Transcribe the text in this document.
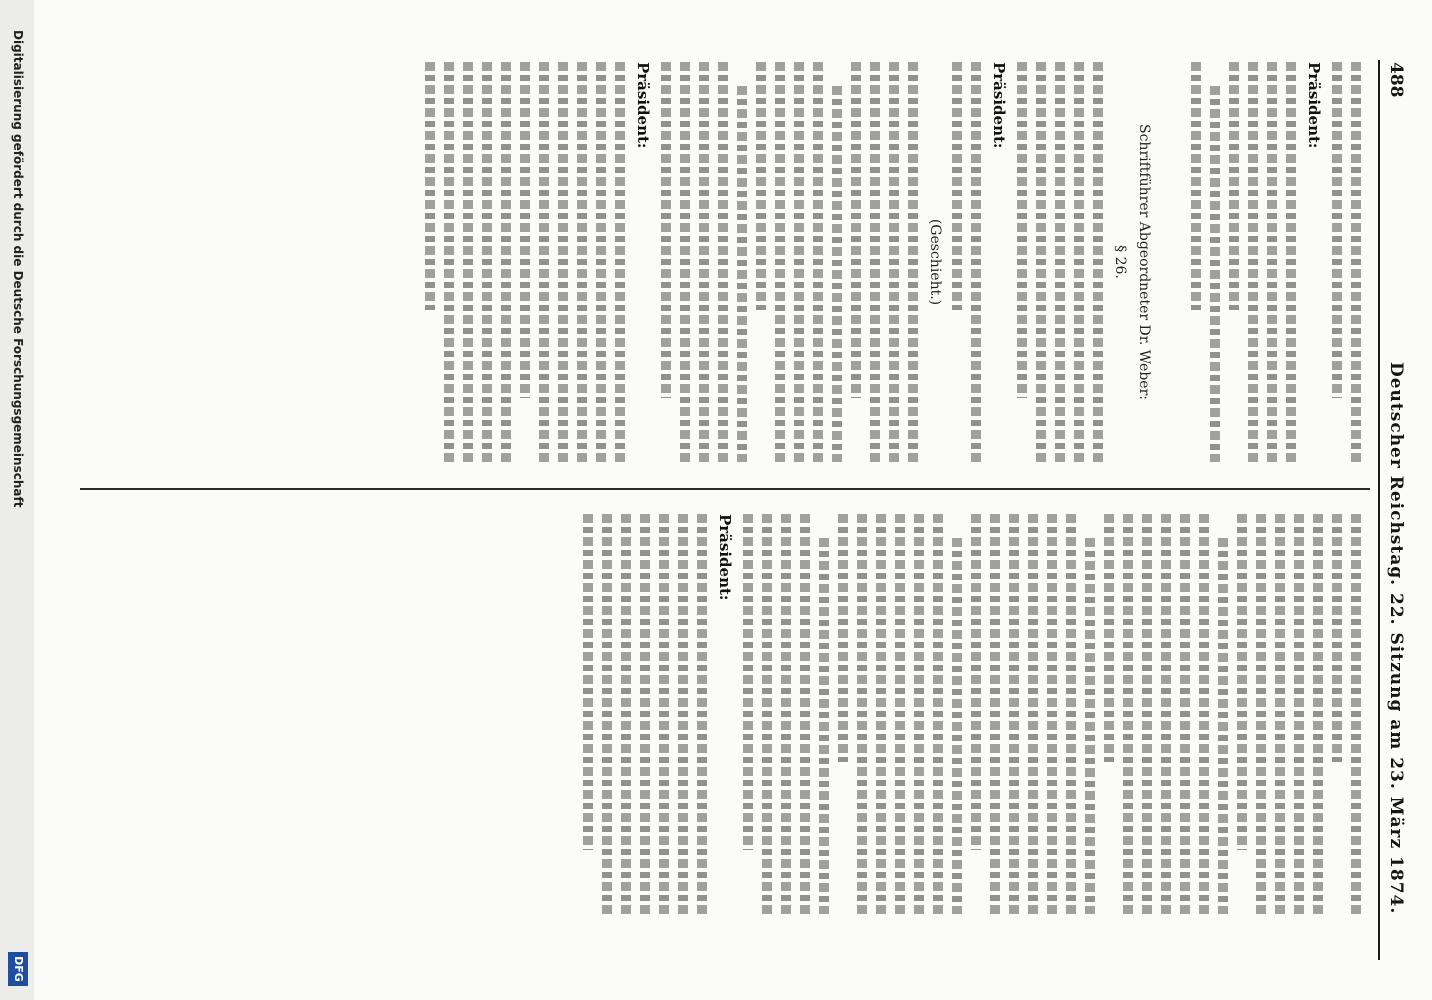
488
Deutscher Reichstag. 22. Sitzung am 23. März 1874.
Präsident:
Schriftführer Abgeordneter Dr. Weber:
§ 26.
Präsident:
(Geschieht.)
Präsident:
Präsident:
Digitalisierung gefördert durch die Deutsche Forschungsgemeinschaft
DFG
